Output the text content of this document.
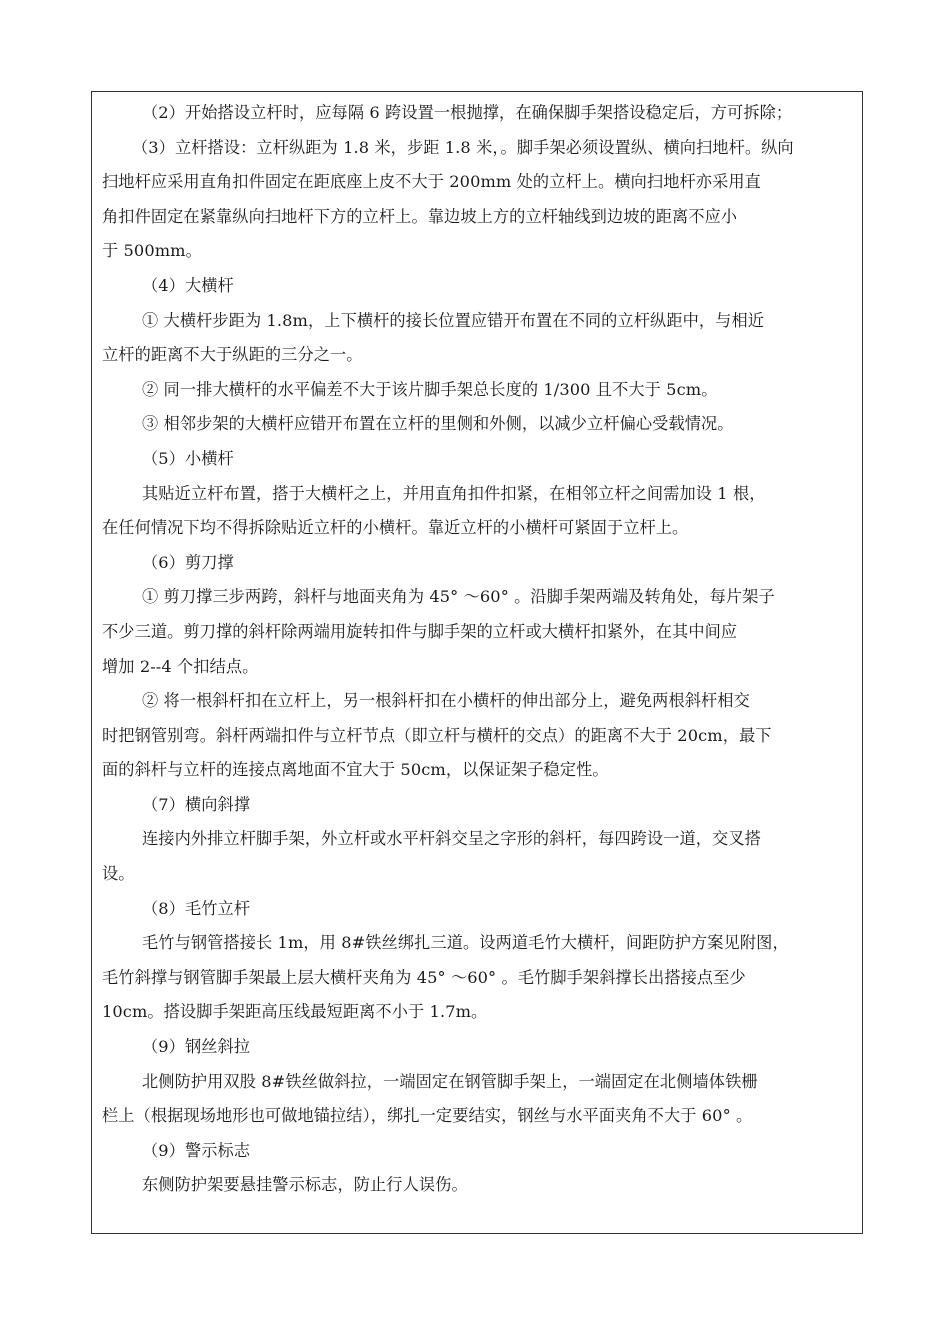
（2）开始搭设立杆时，应每隔 6 跨设置一根抛撑，在确保脚手架搭设稳定后，方可拆除；
（3）立杆搭设：立杆纵距为 1.8 米，步距 1.8 米，。脚手架必须设置纵、横向扫地杆。纵向
扫地杆应采用直角扣件固定在距底座上皮不大于 200mm 处的立杆上。横向扫地杆亦采用直
角扣件固定在紧靠纵向扫地杆下方的立杆上。靠边坡上方的立杆轴线到边坡的距离不应小
于 500mm。
（4）大横杆
① 大横杆步距为 1.8m，上下横杆的接长位置应错开布置在不同的立杆纵距中，与相近
立杆的距离不大于纵距的三分之一。
② 同一排大横杆的水平偏差不大于该片脚手架总长度的 1/300 且不大于 5cm。
③ 相邻步架的大横杆应错开布置在立杆的里侧和外侧，以减少立杆偏心受载情况。
（5）小横杆
其贴近立杆布置，搭于大横杆之上，并用直角扣件扣紧，在相邻立杆之间需加设 1 根，
在任何情况下均不得拆除贴近立杆的小横杆。靠近立杆的小横杆可紧固于立杆上。
（6）剪刀撑
① 剪刀撑三步两跨，斜杆与地面夹角为 45° ～60° 。沿脚手架两端及转角处，每片架子
不少三道。剪刀撑的斜杆除两端用旋转扣件与脚手架的立杆或大横杆扣紧外，在其中间应
增加 2--4 个扣结点。
② 将一根斜杆扣在立杆上，另一根斜杆扣在小横杆的伸出部分上，避免两根斜杆相交
时把钢管别弯。斜杆两端扣件与立杆节点（即立杆与横杆的交点）的距离不大于 20cm，最下
面的斜杆与立杆的连接点离地面不宜大于 50cm，以保证架子稳定性。
（7）横向斜撑
连接内外排立杆脚手架，外立杆或水平杆斜交呈之字形的斜杆，每四跨设一道，交叉搭
设。
（8）毛竹立杆
毛竹与钢管搭接长 1m，用 8#铁丝绑扎三道。设两道毛竹大横杆，间距防护方案见附图，
毛竹斜撑与钢管脚手架最上层大横杆夹角为 45° ～60° 。毛竹脚手架斜撑长出搭接点至少
10cm。搭设脚手架距高压线最短距离不小于 1.7m。
（9）钢丝斜拉
北侧防护用双股 8#铁丝做斜拉，一端固定在钢管脚手架上，一端固定在北侧墙体铁栅
栏上（根据现场地形也可做地锚拉结），绑扎一定要结实，钢丝与水平面夹角不大于 60° 。
（9）警示标志
东侧防护架要悬挂警示标志，防止行人误伤。
